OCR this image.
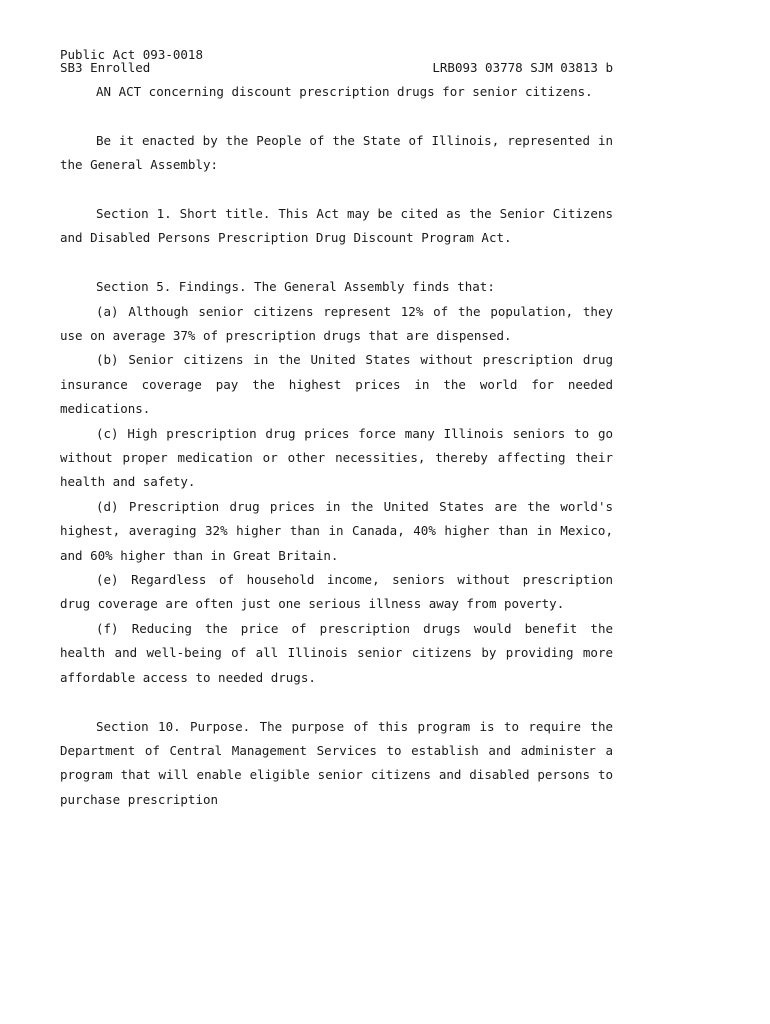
Public Act 093-0018
SB3 Enrolled	LRB093 03778 SJM 03813 b

AN ACT concerning discount prescription drugs for senior citizens.

Be it enacted by the People of the State of Illinois, represented in the General Assembly:

Section 1. Short title. This Act may be cited as the Senior Citizens and Disabled Persons Prescription Drug Discount Program Act.

Section 5. Findings. The General Assembly finds that:

(a) Although senior citizens represent 12% of the population, they use on average 37% of prescription drugs that are dispensed.

(b) Senior citizens in the United States without prescription drug insurance coverage pay the highest prices in the world for needed medications.

(c) High prescription drug prices force many Illinois seniors to go without proper medication or other necessities, thereby affecting their health and safety.

(d) Prescription drug prices in the United States are the world's highest, averaging 32% higher than in Canada, 40% higher than in Mexico, and 60% higher than in Great Britain.

(e) Regardless of household income, seniors without prescription drug coverage are often just one serious illness away from poverty.

(f) Reducing the price of prescription drugs would benefit the health and well-being of all Illinois senior citizens by providing more affordable access to needed drugs.

Section 10. Purpose. The purpose of this program is to require the Department of Central Management Services to establish and administer a program that will enable eligible senior citizens and disabled persons to purchase prescription
